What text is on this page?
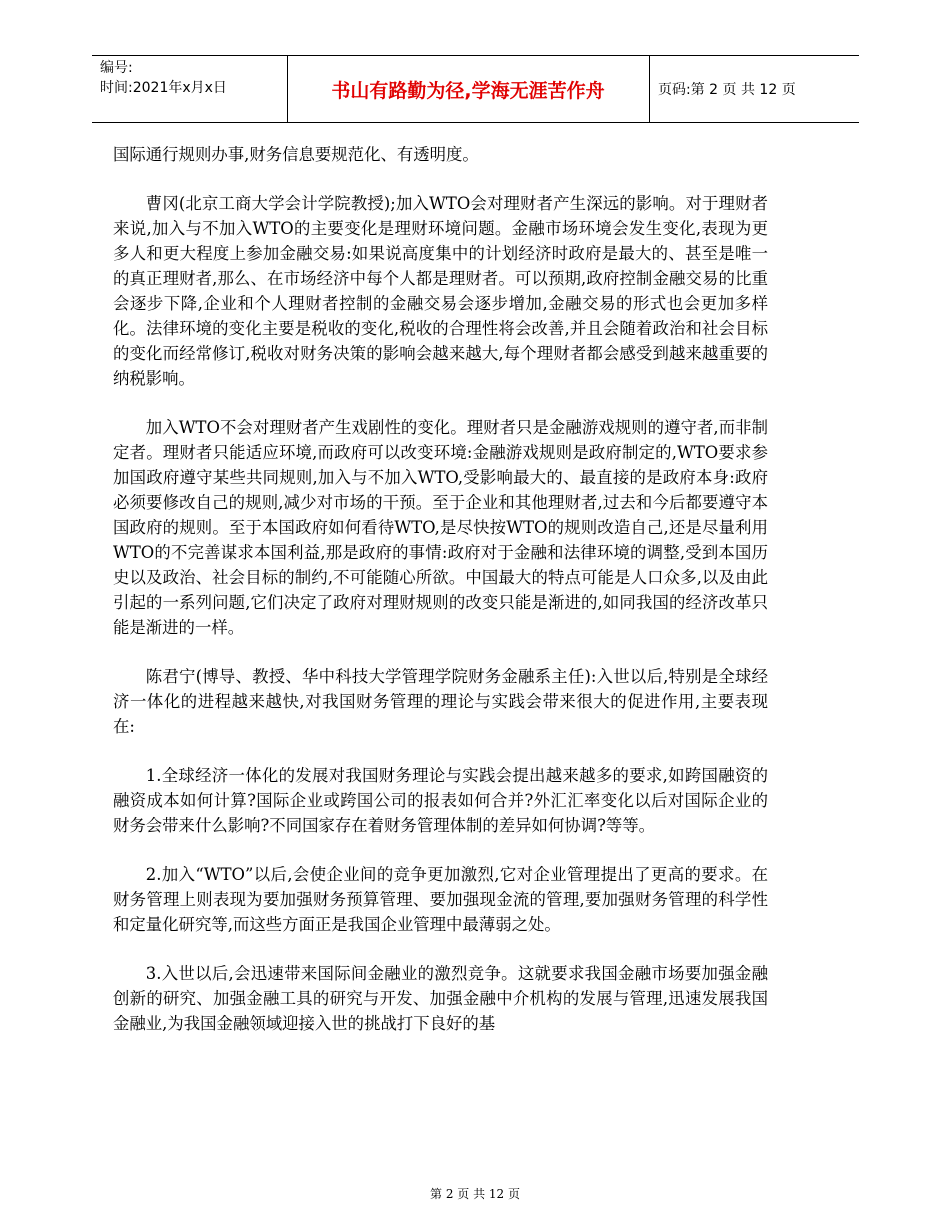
编号:
时间:2021年x月x日	书山有路勤为径,学海无涯苦作舟	页码:第 2 页 共 12 页

国际通行规则办事,财务信息要规范化、有透明度。

曹冈(北京工商大学会计学院教授);加入WTO会对理财者产生深远的影响。对于理财者来说,加入与不加入WTO的主要变化是理财环境问题。金融市场环境会发生变化,表现为更多人和更大程度上参加金融交易:如果说高度集中的计划经济时政府是最大的、甚至是唯一的真正理财者,那么、在市场经济中每个人都是理财者。可以预期,政府控制金融交易的比重会逐步下降,企业和个人理财者控制的金融交易会逐步增加,金融交易的形式也会更加多样化。法律环境的变化主要是税收的变化,税收的合理性将会改善,并且会随着政治和社会目标的变化而经常修订,税收对财务决策的影响会越来越大,每个理财者都会感受到越来越重要的纳税影响。

加入WTO不会对理财者产生戏剧性的变化。理财者只是金融游戏规则的遵守者,而非制定者。理财者只能适应环境,而政府可以改变环境:金融游戏规则是政府制定的,WTO要求参加国政府遵守某些共同规则,加入与不加入WTO,受影响最大的、最直接的是政府本身:政府必须要修改自己的规则,减少对市场的干预。至于企业和其他理财者,过去和今后都要遵守本国政府的规则。至于本国政府如何看待WTO,是尽快按WTO的规则改造自己,还是尽量利用WTO的不完善谋求本国利益,那是政府的事情:政府对于金融和法律环境的调整,受到本国历史以及政治、社会目标的制约,不可能随心所欲。中国最大的特点可能是人口众多,以及由此引起的一系列问题,它们决定了政府对理财规则的改变只能是渐进的,如同我国的经济改革只能是渐进的一样。

陈君宁(博导、教授、华中科技大学管理学院财务金融系主任):入世以后,特别是全球经济一体化的进程越来越快,对我国财务管理的理论与实践会带来很大的促进作用,主要表现在:

1.全球经济一体化的发展对我国财务理论与实践会提出越来越多的要求,如跨国融资的融资成本如何计算?国际企业或跨国公司的报表如何合并?外汇汇率变化以后对国际企业的财务会带来什么影响?不同国家存在着财务管理体制的差异如何协调?等等。

2.加入“WTO”以后,会使企业间的竞争更加激烈,它对企业管理提出了更高的要求。在财务管理上则表现为要加强财务预算管理、要加强现金流的管理,要加强财务管理的科学性和定量化研究等,而这些方面正是我国企业管理中最薄弱之处。

3.入世以后,会迅速带来国际间金融业的激烈竞争。这就要求我国金融市场要加强金融创新的研究、加强金融工具的研究与开发、加强金融中介机构的发展与管理,迅速发展我国金融业,为我国金融领域迎接入世的挑战打下良好的基

第 2 页 共 12 页
